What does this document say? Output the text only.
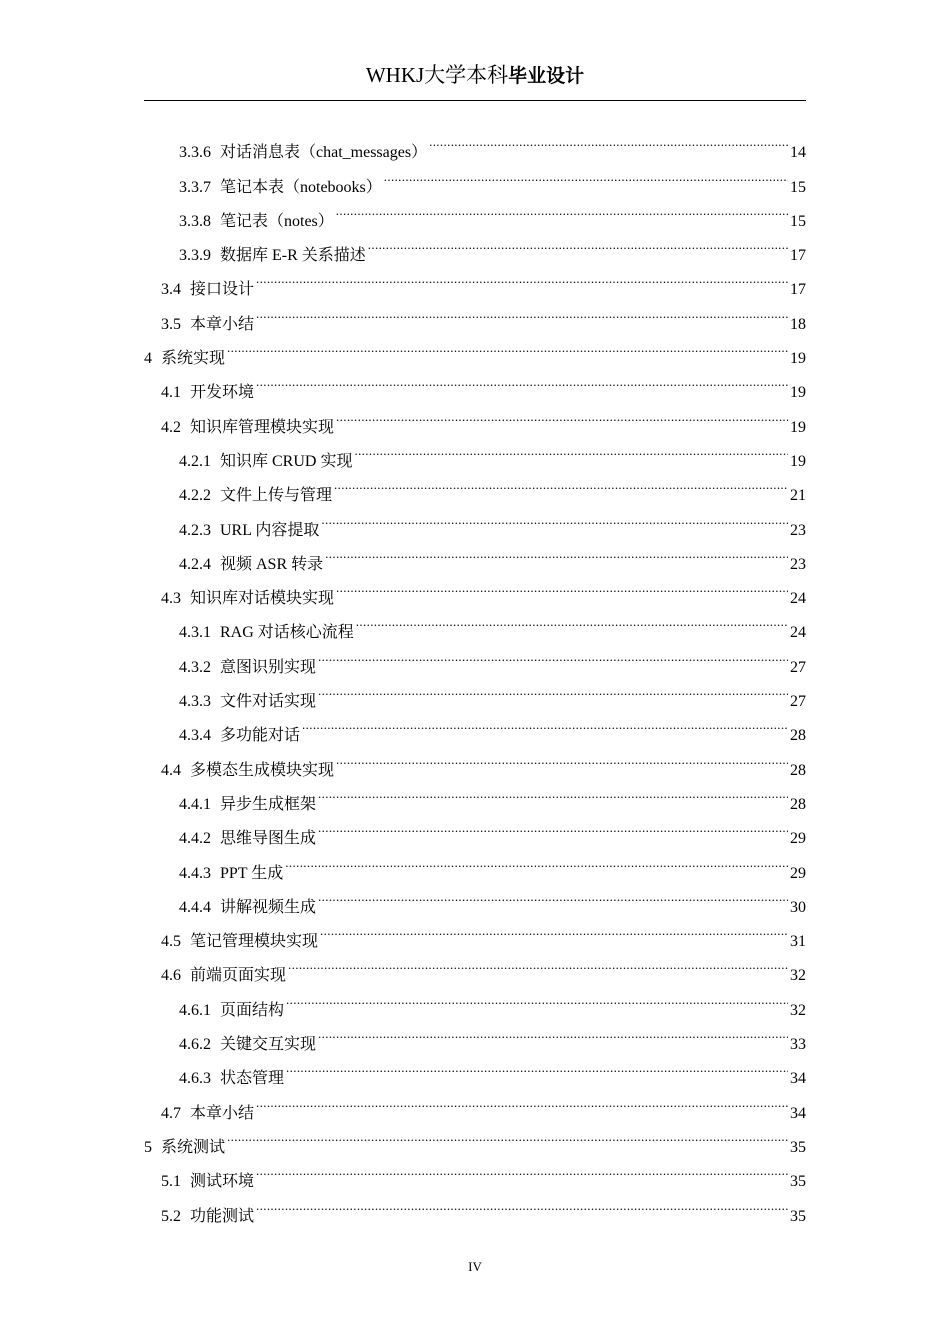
WHKJ大学本科毕业设计
3.3.6 对话消息表（chat_messages） .....	14
3.3.7 笔记本表（notebooks） .....	15
3.3.8 笔记表（notes） .....	15
3.3.9 数据库 E-R 关系描述 .....	17
3.4 接口设计 .....	17
3.5 本章小结 .....	18
4 系统实现 .....	19
4.1 开发环境 .....	19
4.2 知识库管理模块实现 .....	19
4.2.1 知识库 CRUD 实现 .....	19
4.2.2 文件上传与管理 .....	21
4.2.3 URL 内容提取 .....	23
4.2.4 视频 ASR 转录 .....	23
4.3 知识库对话模块实现 .....	24
4.3.1 RAG 对话核心流程 .....	24
4.3.2 意图识别实现 .....	27
4.3.3 文件对话实现 .....	27
4.3.4 多功能对话 .....	28
4.4 多模态生成模块实现 .....	28
4.4.1 异步生成框架 .....	28
4.4.2 思维导图生成 .....	29
4.4.3 PPT 生成 .....	29
4.4.4 讲解视频生成 .....	30
4.5 笔记管理模块实现 .....	31
4.6 前端页面实现 .....	32
4.6.1 页面结构 .....	32
4.6.2 关键交互实现 .....	33
4.6.3 状态管理 .....	34
4.7 本章小结 .....	34
5 系统测试 .....	35
5.1 测试环境 .....	35
5.2 功能测试 .....	35
IV
